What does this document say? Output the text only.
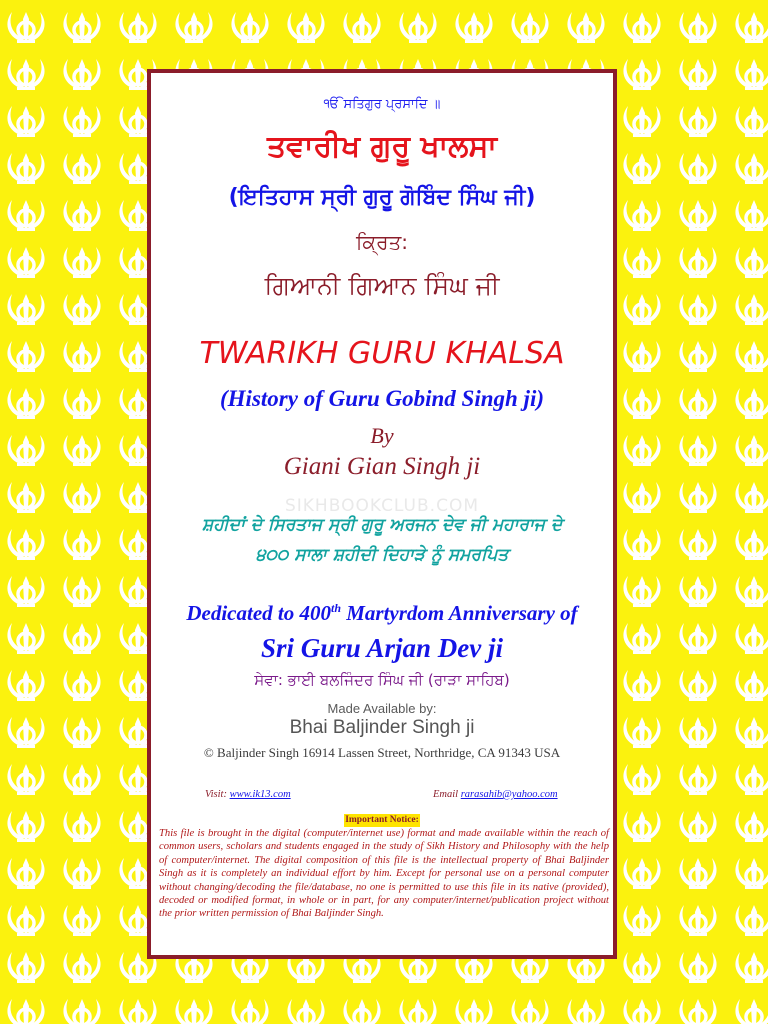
ੴ ਸਤਿਗੁਰ ਪ੍ਰਸਾਦਿ ॥
ਤਵਾਰੀਖ ਗੁਰੂ ਖਾਲਸਾ
(ਇਤਿਹਾਸ ਸ੍ਰੀ ਗੁਰੂ ਗੋਬਿੰਦ ਸਿੰਘ ਜੀ)
ਕ੍ਰਿਤ:
ਗਿਆਨੀ ਗਿਆਨ ਸਿੰਘ ਜੀ
TWARIKH GURU KHALSA
(History of Guru Gobind Singh ji)
By
Giani Gian Singh ji
SIKHBOOKCLUB.COM
ਸ਼ਹੀਦਾਂ ਦੇ ਸਿਰਤਾਜ ਸ੍ਰੀ ਗੁਰੂ ਅਰਜਨ ਦੇਵ ਜੀ ਮਹਾਰਾਜ ਦੇ
੪੦੦ ਸਾਲਾ ਸ਼ਹੀਦੀ ਦਿਹਾੜੇ ਨੂੰ ਸਮਰਪਿਤ
Dedicated to 400th Martyrdom Anniversary of
Sri Guru Arjan Dev ji
ਸੇਵਾ: ਭਾਈ ਬਲਜਿੰਦਰ ਸਿੰਘ ਜੀ (ਰਾੜਾ ਸਾਹਿਬ)
Made Available by:
Bhai Baljinder Singh ji
© Baljinder Singh 16914 Lassen Street, Northridge, CA 91343 USA
Visit: www.ik13.com	Email rarasahib@yahoo.com
Important Notice:
This file is brought in the digital (computer/internet use) format and made available within the reach of common users, scholars and students engaged in the study of Sikh History and Philosophy with the help of computer/internet. The digital composition of this file is the intellectual property of Bhai Baljinder Singh as it is completely an individual effort by him. Except for personal use on a personal computer without changing/decoding the file/database, no one is permitted to use this file in its native (provided), decoded or modified format, in whole or in part, for any computer/internet/publication project without the prior written permission of Bhai Baljinder Singh.
